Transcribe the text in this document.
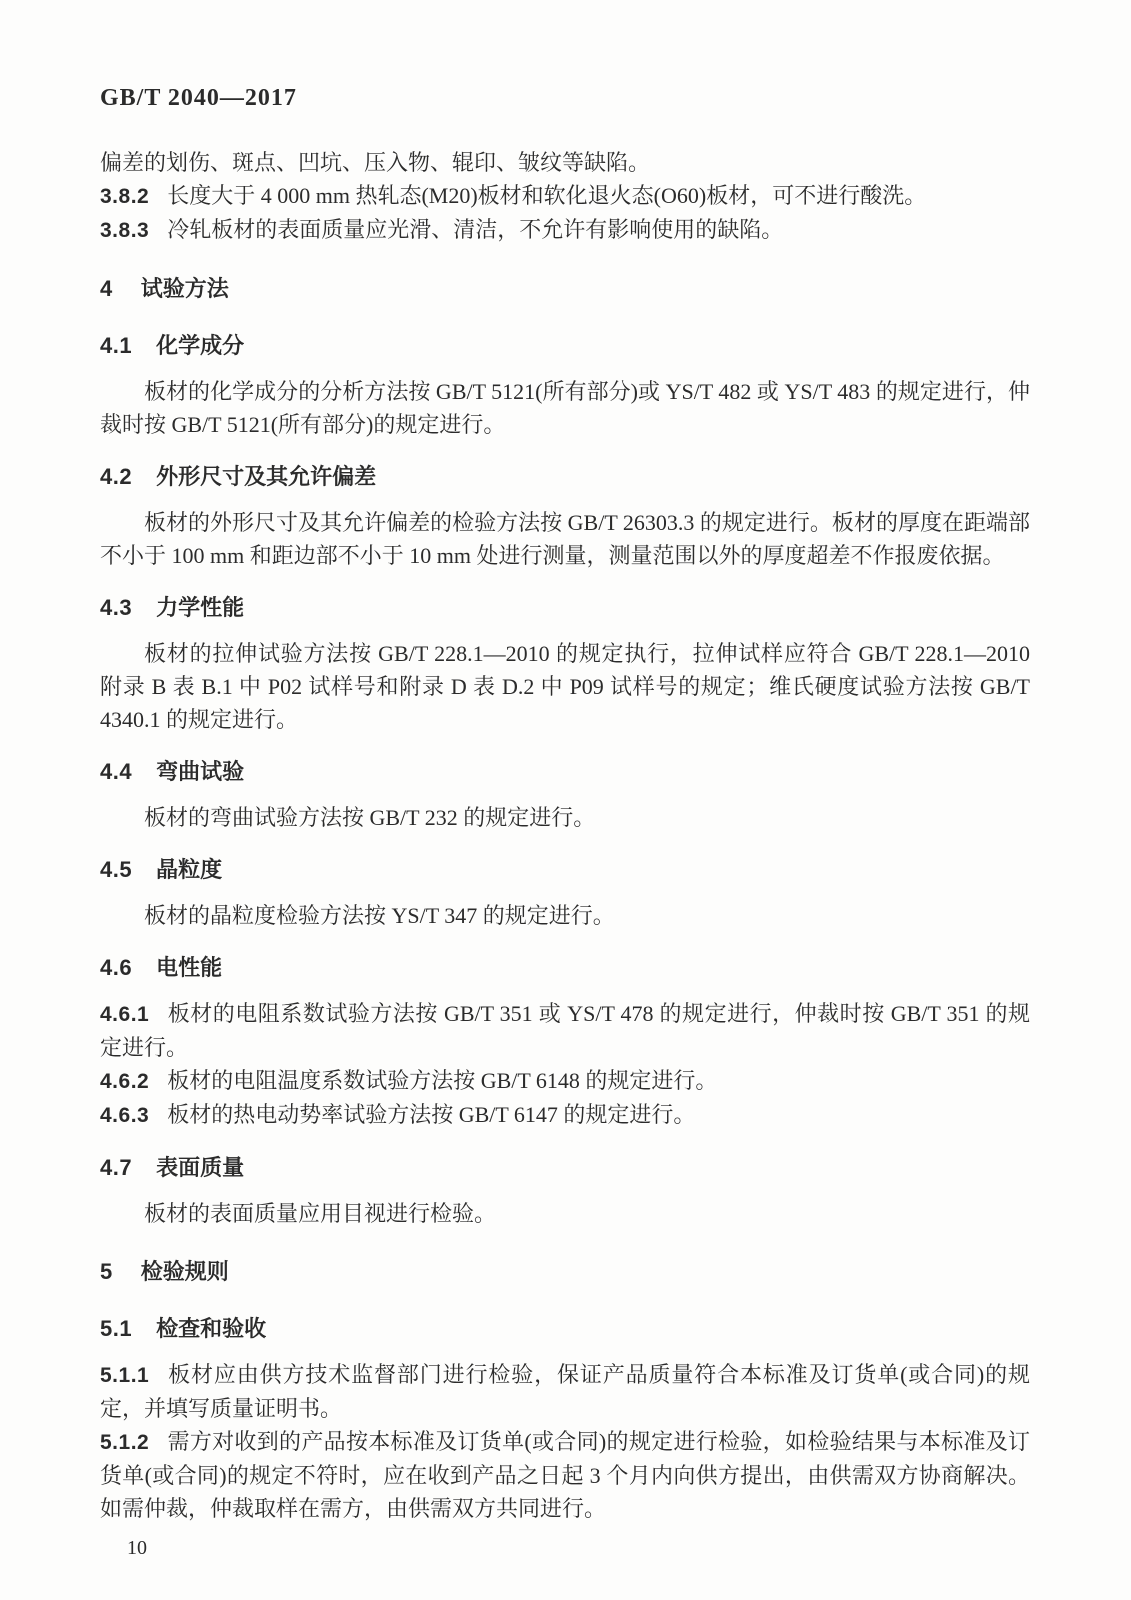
GB/T 2040—2017

偏差的划伤、斑点、凹坑、压入物、辊印、皱纹等缺陷。

3.8.2 长度大于 4 000 mm 热轧态(M20)板材和软化退火态(O60)板材，可不进行酸洗。

3.8.3 冷轧板材的表面质量应光滑、清洁，不允许有影响使用的缺陷。

4 试验方法
4.1 化学成分

板材的化学成分的分析方法按 GB/T 5121(所有部分)或 YS/T 482 或 YS/T 483 的规定进行，仲裁时按 GB/T 5121(所有部分)的规定进行。

4.2 外形尺寸及其允许偏差

板材的外形尺寸及其允许偏差的检验方法按 GB/T 26303.3 的规定进行。板材的厚度在距端部不小于 100 mm 和距边部不小于 10 mm 处进行测量，测量范围以外的厚度超差不作报废依据。

4.3 力学性能

板材的拉伸试验方法按 GB/T 228.1—2010 的规定执行，拉伸试样应符合 GB/T 228.1—2010 附录 B 表 B.1 中 P02 试样号和附录 D 表 D.2 中 P09 试样号的规定；维氏硬度试验方法按 GB/T 4340.1 的规定进行。

4.4 弯曲试验

板材的弯曲试验方法按 GB/T 232 的规定进行。

4.5 晶粒度

板材的晶粒度检验方法按 YS/T 347 的规定进行。

4.6 电性能

4.6.1 板材的电阻系数试验方法按 GB/T 351 或 YS/T 478 的规定进行，仲裁时按 GB/T 351 的规定进行。

4.6.2 板材的电阻温度系数试验方法按 GB/T 6148 的规定进行。

4.6.3 板材的热电动势率试验方法按 GB/T 6147 的规定进行。

4.7 表面质量

板材的表面质量应用目视进行检验。

5 检验规则
5.1 检查和验收

5.1.1 板材应由供方技术监督部门进行检验，保证产品质量符合本标准及订货单(或合同)的规定，并填写质量证明书。

5.1.2 需方对收到的产品按本标准及订货单(或合同)的规定进行检验，如检验结果与本标准及订货单(或合同)的规定不符时，应在收到产品之日起 3 个月内向供方提出，由供需双方协商解决。如需仲裁，仲裁取样在需方，由供需双方共同进行。

10
